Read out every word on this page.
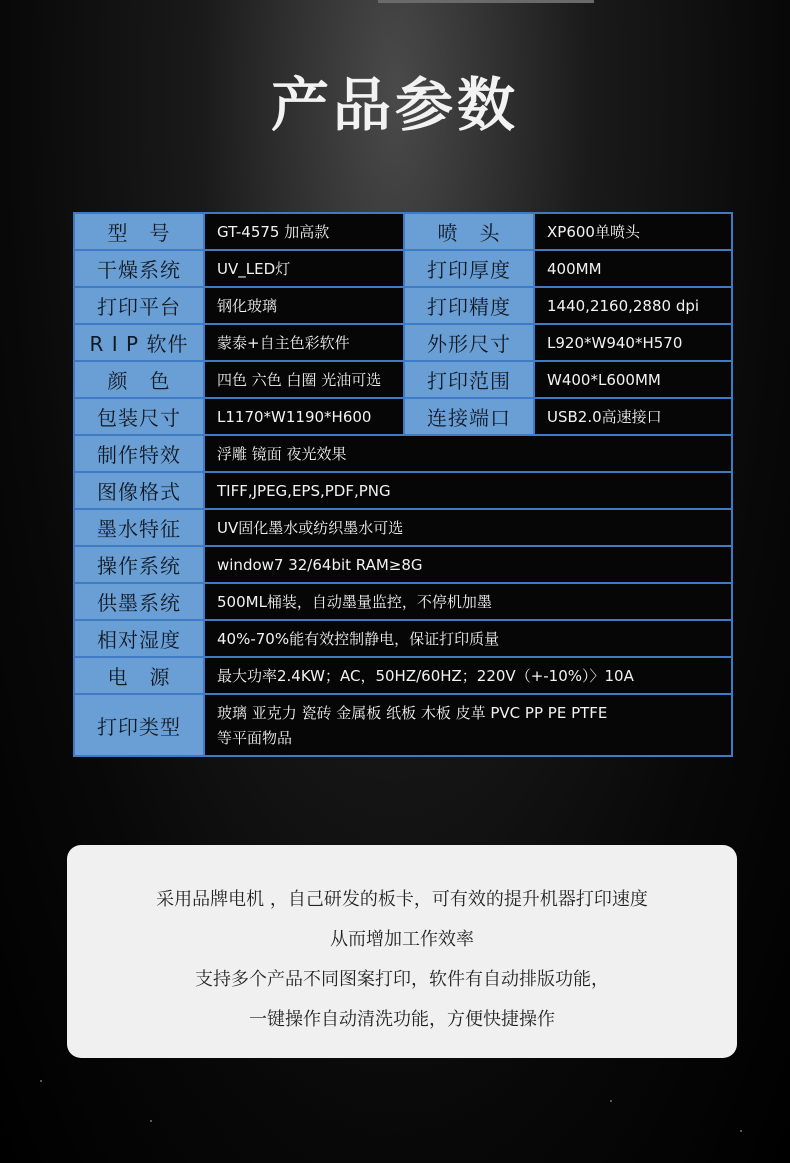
产品参数
型　号	GT-4575 加高款	喷　头	XP600单喷头
干燥系统	UV_LED灯	打印厚度	400MM
打印平台	钢化玻璃	打印精度	1440,2160,2880 dpi
R I P 软件	蒙泰+自主色彩软件	外形尺寸	L920*W940*H570
颜　色	四色 六色 白圈 光油可选	打印范围	W400*L600MM
包装尺寸	L1170*W1190*H600	连接端口	USB2.0高速接口
制作特效	浮雕 镜面 夜光效果		
图像格式	TIFF,JPEG,EPS,PDF,PNG		
墨水特征	UV固化墨水或纺织墨水可选		
操作系统	window7 32/64bit RAM≥8G		
供墨系统	500ML桶装，自动墨量监控，不停机加墨		
相对湿度	40%-70%能有效控制静电，保证打印质量		
电　源	最大功率2.4KW；AC，50HZ/60HZ；220V（+-10%）〉10A		
打印类型	玻璃 亚克力 瓷砖 金属板 纸板 木板 皮革 PVC PP PE PTFE
等平面物品		
采用品牌电机 ，自己研发的板卡，可有效的提升机器打印速度
从而增加工作效率
支持多个产品不同图案打印，软件有自动排版功能，
一键操作自动清洗功能，方便快捷操作
